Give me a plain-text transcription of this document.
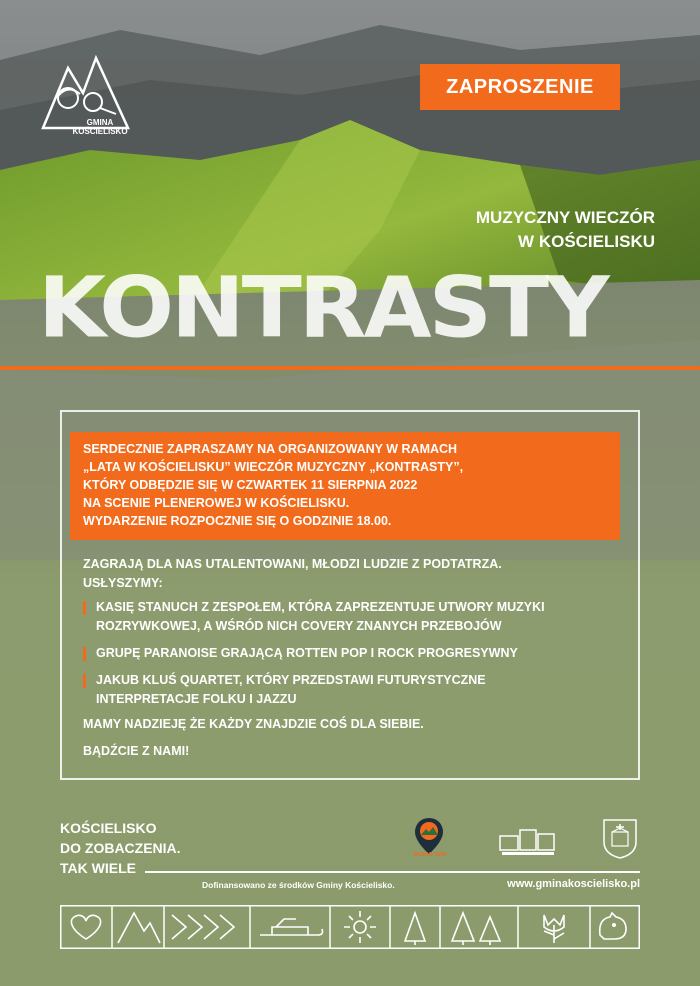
GMINA
KOŚCIELISKO
ZAPROSZENIE
MUZYCZNY WIECZÓR
W KOŚCIELISKU
KONTRASTY
SERDECZNIE ZAPRASZAMY NA ORGANIZOWANY W RAMACH
„LATA W KOŚCIELISKU” WIECZÓR MUZYCZNY „KONTRASTY”,
KTÓRY ODBĘDZIE SIĘ W CZWARTEK 11 SIERPNIA 2022
NA SCENIE PLENEROWEJ W KOŚCIELISKU.
WYDARZENIE ROZPOCZNIE SIĘ O GODZINIE 18.00.
ZAGRAJĄ DLA NAS UTALENTOWANI, MŁODZI LUDZIE Z PODTATRZA.
USŁYSZYMY:
KASIĘ STANUCH Z ZESPOŁEM, KTÓRA ZAPREZENTUJE UTWORY MUZYKI
ROZRYWKOWEJ, A WŚRÓD NICH COVERY ZNANYCH PRZEBOJÓW
GRUPĘ PARANOISE GRAJĄCĄ ROTTEN POP I ROCK PROGRESYWNY
JAKUB KLUŚ QUARTET, KTÓRY PRZEDSTAWI FUTURYSTYCZNE
INTERPRETACJE FOLKU I JAZZU
MAMY NADZIEJĘ ŻE KAŻDY ZNAJDZIE COŚ DLA SIEBIE.
BĄDŹCIE Z NAMI!
KOŚCIELISKO
DO ZOBACZENIA.
TAK WIELE
BLISKO TATR
Dofinansowano ze środków Gminy Kościelisko.	www.gminakoscielisko.pl
